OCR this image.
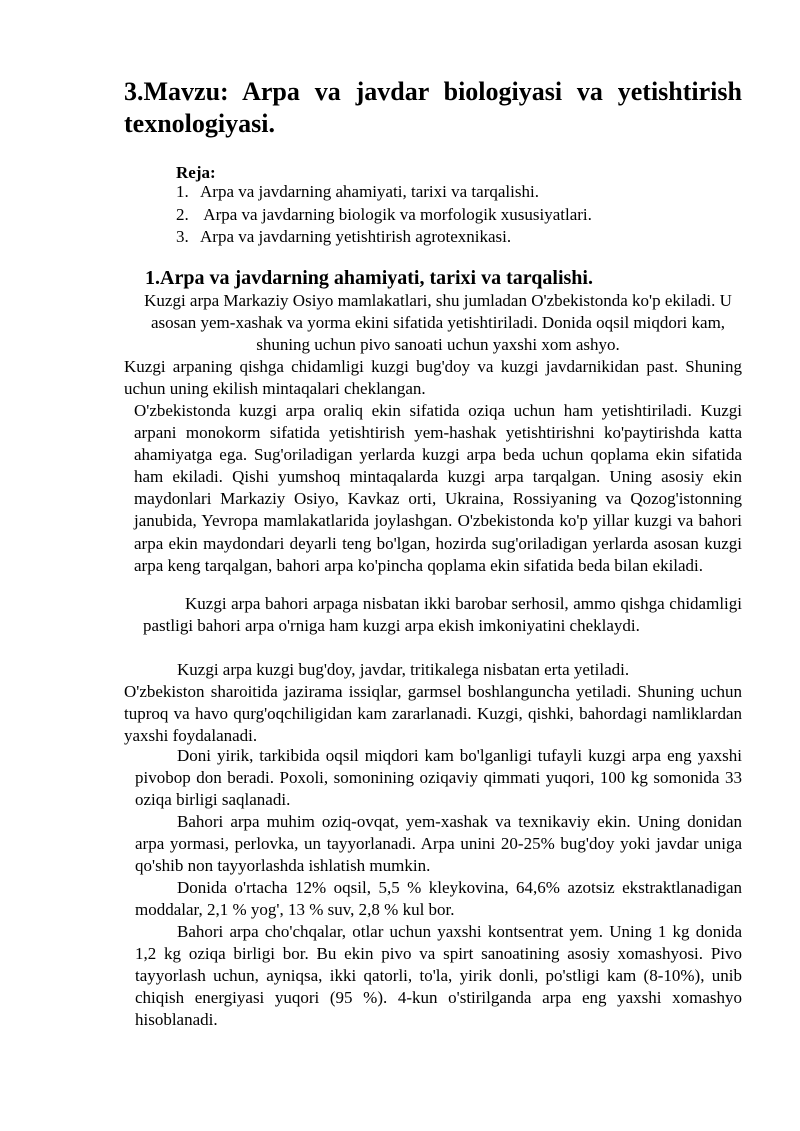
3.Mavzu: Arpa va javdar biologiyasi va yetishtirish texnologiyasi.
Reja:
1. Arpa va javdarning ahamiyati, tarixi va tarqalishi.
2. Arpa va javdarning biologik va morfologik xususiyatlari.
3. Arpa va javdarning yetishtirish agrotexnikasi.
1.Arpa va javdarning ahamiyati, tarixi va tarqalishi.

Kuzgi arpa Markaziy Osiyo mamlakatlari, shu jumladan O'zbekistonda ko'p ekiladi. U asosan yem-xashak va yorma ekini sifatida yetishtiriladi. Donida oqsil miqdori kam, shuning uchun pivo sanoati uchun yaxshi xom ashyo.

Kuzgi arpaning qishga chidamligi kuzgi bug'doy va kuzgi javdarnikidan past. Shuning uchun uning ekilish mintaqalari cheklangan.

O'zbekistonda kuzgi arpa oraliq ekin sifatida oziqa uchun ham yetishtiriladi. Kuzgi arpani monokorm sifatida yetishtirish yem-hashak yetishtirishni ko'paytirishda katta ahamiyatga ega. Sug'oriladigan yerlarda kuzgi arpa beda uchun qoplama ekin sifatida ham ekiladi. Qishi yumshoq mintaqalarda kuzgi arpa tarqalgan. Uning asosiy ekin maydonlari Markaziy Osiyo, Kavkaz orti, Ukraina, Rossiyaning va Qozog'istonning janubida, Yevropa mamlakatlarida joylashgan. O'zbekistonda ko'p yillar kuzgi va bahori arpa ekin maydondari deyarli teng bo'lgan, hozirda sug'oriladigan yerlarda asosan kuzgi arpa keng tarqalgan, bahori arpa ko'pincha qoplama ekin sifatida beda bilan ekiladi.

Kuzgi arpa bahori arpaga nisbatan ikki barobar serhosil, ammo qishga chidamligi pastligi bahori arpa o'rniga ham kuzgi arpa ekish imkoniyatini cheklaydi.

Kuzgi arpa kuzgi bug'doy, javdar, tritikalega nisbatan erta yetiladi.

O'zbekiston sharoitida jazirama issiqlar, garmsel boshlanguncha yetiladi. Shuning uchun tuproq va havo qurg'oqchiligidan kam zararlanadi. Kuzgi, qishki, bahordagi namliklardan yaxshi foydalanadi.

Doni yirik, tarkibida oqsil miqdori kam bo'lganligi tufayli kuzgi arpa eng yaxshi pivobop don beradi. Poxoli, somonining oziqaviy qimmati yuqori, 100 kg somonida 33 oziqa birligi saqlanadi.

Bahori arpa muhim oziq-ovqat, yem-xashak va texnikaviy ekin. Uning donidan arpa yormasi, perlovka, un tayyorlanadi. Arpa unini 20-25% bug'doy yoki javdar uniga qo'shib non tayyorlashda ishlatish mumkin.

Donida o'rtacha 12% oqsil, 5,5 % kleykovina, 64,6% azotsiz ekstraktlanadigan moddalar, 2,1 % yog', 13 % suv, 2,8 % kul bor.

Bahori arpa cho'chqalar, otlar uchun yaxshi kontsentrat yem. Uning 1 kg donida 1,2 kg oziqa birligi bor. Bu ekin pivo va spirt sanoatining asosiy xomashyosi. Pivo tayyorlash uchun, ayniqsa, ikki qatorli, to'la, yirik donli, po'stligi kam (8-10%), unib chiqish energiyasi yuqori (95 %). 4-kun o'stirilganda arpa eng yaxshi xomashyo hisoblanadi.
